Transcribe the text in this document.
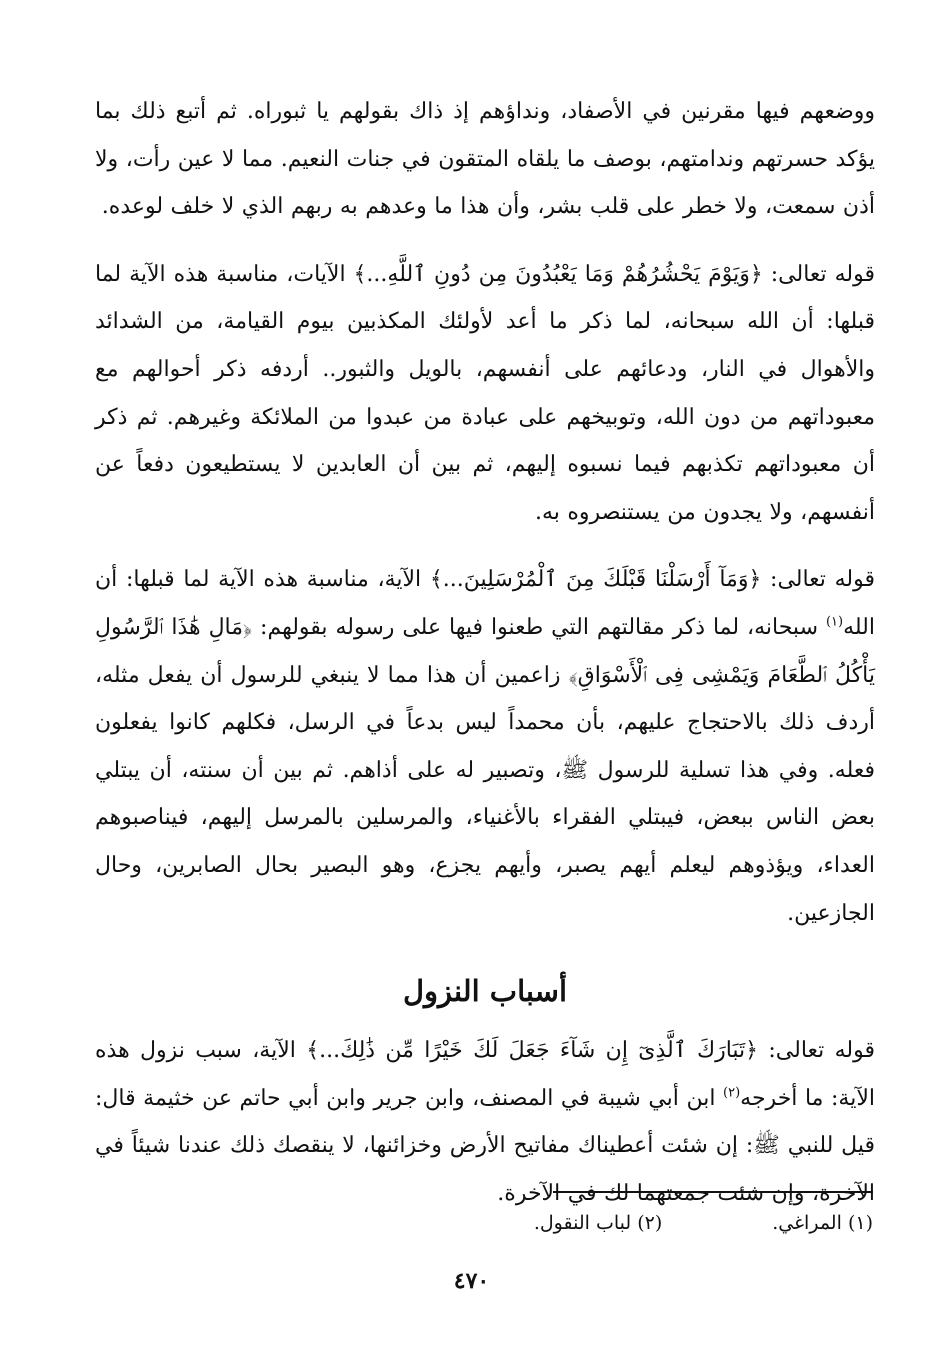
ووضعهم فيها مقرنين في الأصفاد، ونداؤهم إذ ذاك بقولهم يا ثبوراه. ثم أتبع ذلك بما يؤكد حسرتهم وندامتهم، بوصف ما يلقاه المتقون في جنات النعيم. مما لا عين رأت، ولا أذن سمعت، ولا خطر على قلب بشر، وأن هذا ما وعدهم به ربهم الذي لا خلف لوعده.

قوله تعالى: ﴿وَيَوْمَ يَحْشُرُهُمْ وَمَا يَعْبُدُونَ مِن دُونِ ٱللَّهِ...﴾ الآيات، مناسبة هذه الآية لما قبلها: أن الله سبحانه، لما ذكر ما أعد لأولئك المكذبين بيوم القيامة، من الشدائد والأهوال في النار، ودعائهم على أنفسهم، بالويل والثبور.. أردفه ذكر أحوالهم مع معبوداتهم من دون الله، وتوبيخهم على عبادة من عبدوا من الملائكة وغيرهم. ثم ذكر أن معبوداتهم تكذبهم فيما نسبوه إليهم، ثم بين أن العابدين لا يستطيعون دفعاً عن أنفسهم، ولا يجدون من يستنصروه به.

قوله تعالى: ﴿وَمَآ أَرْسَلْنَا قَبْلَكَ مِنَ ٱلْمُرْسَلِينَ...﴾ الآية، مناسبة هذه الآية لما قبلها: أن الله$^{(١)}$ سبحانه، لما ذكر مقالتهم التي طعنوا فيها على رسوله بقولهم: ﴿مَالِ هَٰذَا ٱلرَّسُولِ يَأْكُلُ ٱلطَّعَامَ وَيَمْشِى فِى ٱلْأَسْوَاقِ﴾ زاعمين أن هذا مما لا ينبغي للرسول أن يفعل مثله، أردف ذلك بالاحتجاج عليهم، بأن محمداً ليس بدعاً في الرسل، فكلهم كانوا يفعلون فعله. وفي هذا تسلية للرسول ﷺ، وتصبير له على أذاهم. ثم بين أن سنته، أن يبتلي بعض الناس ببعض، فيبتلي الفقراء بالأغنياء، والمرسلين بالمرسل إليهم، فيناصبوهم العداء، ويؤذوهم ليعلم أيهم يصبر، وأيهم يجزع، وهو البصير بحال الصابرين، وحال الجازعين.

أسباب النزول

قوله تعالى: ﴿تَبَارَكَ ٱلَّذِىٓ إِن شَآءَ جَعَلَ لَكَ خَيْرًا مِّن ذَٰلِكَ...﴾ الآية، سبب نزول هذه الآية: ما أخرجه$^{(٢)}$ ابن أبي شيبة في المصنف، وابن جرير وابن أبي حاتم عن خثيمة قال: قيل للنبي ﷺ: إن شئت أعطيناك مفاتيح الأرض وخزائنها، لا ينقصك ذلك عندنا شيئاً في الآخرة، وإن شئت جمعتهما لك في الآخرة.

(١) المراغي.
(٢) لباب النقول.
٤٧٠
